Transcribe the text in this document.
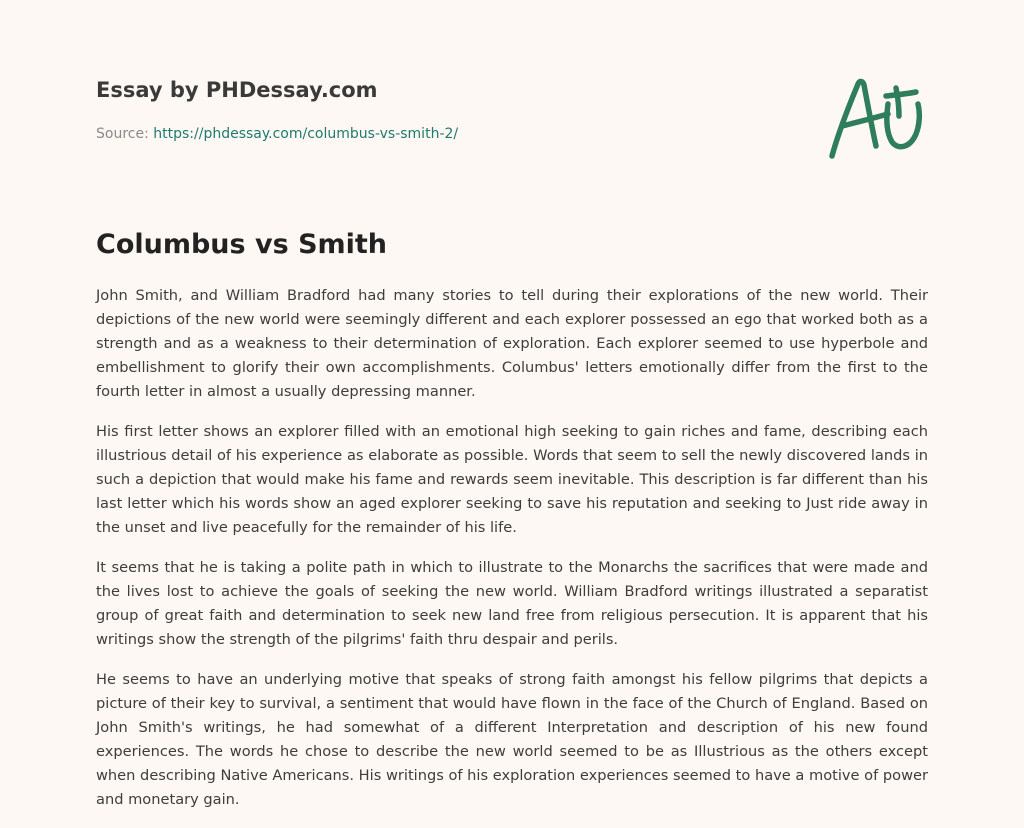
Essay by PHDessay.com

Source: https://phdessay.com/columbus-vs-smith-2/
Columbus vs Smith

John Smith, and William Bradford had many stories to tell during their explorations of the new world. Their depictions of the new world were seemingly different and each explorer possessed an ego that worked both as a strength and as a weakness to their determination of exploration. Each explorer seemed to use hyperbole and embellishment to glorify their own accomplishments. Columbus' letters emotionally differ from the first to the fourth letter in almost a usually depressing manner.

His first letter shows an explorer filled with an emotional high seeking to gain riches and fame, describing each illustrious detail of his experience as elaborate as possible. Words that seem to sell the newly discovered lands in such a depiction that would make his fame and rewards seem inevitable. This description is far different than his last letter which his words show an aged explorer seeking to save his reputation and seeking to Just ride away in the unset and live peacefully for the remainder of his life.

It seems that he is taking a polite path in which to illustrate to the Monarchs the sacrifices that were made and the lives lost to achieve the goals of seeking the new world. William Bradford writings illustrated a separatist group of great faith and determination to seek new land free from religious persecution. It is apparent that his writings show the strength of the pilgrims' faith thru despair and perils.

He seems to have an underlying motive that speaks of strong faith amongst his fellow pilgrims that depicts a picture of their key to survival, a sentiment that would have flown in the face of the Church of England. Based on John Smith's writings, he had somewhat of a different Interpretation and description of his new found experiences. The words he chose to describe the new world seemed to be as Illustrious as the others except when describing Native Americans. His writings of his exploration experiences seemed to have a motive of power and monetary gain.
